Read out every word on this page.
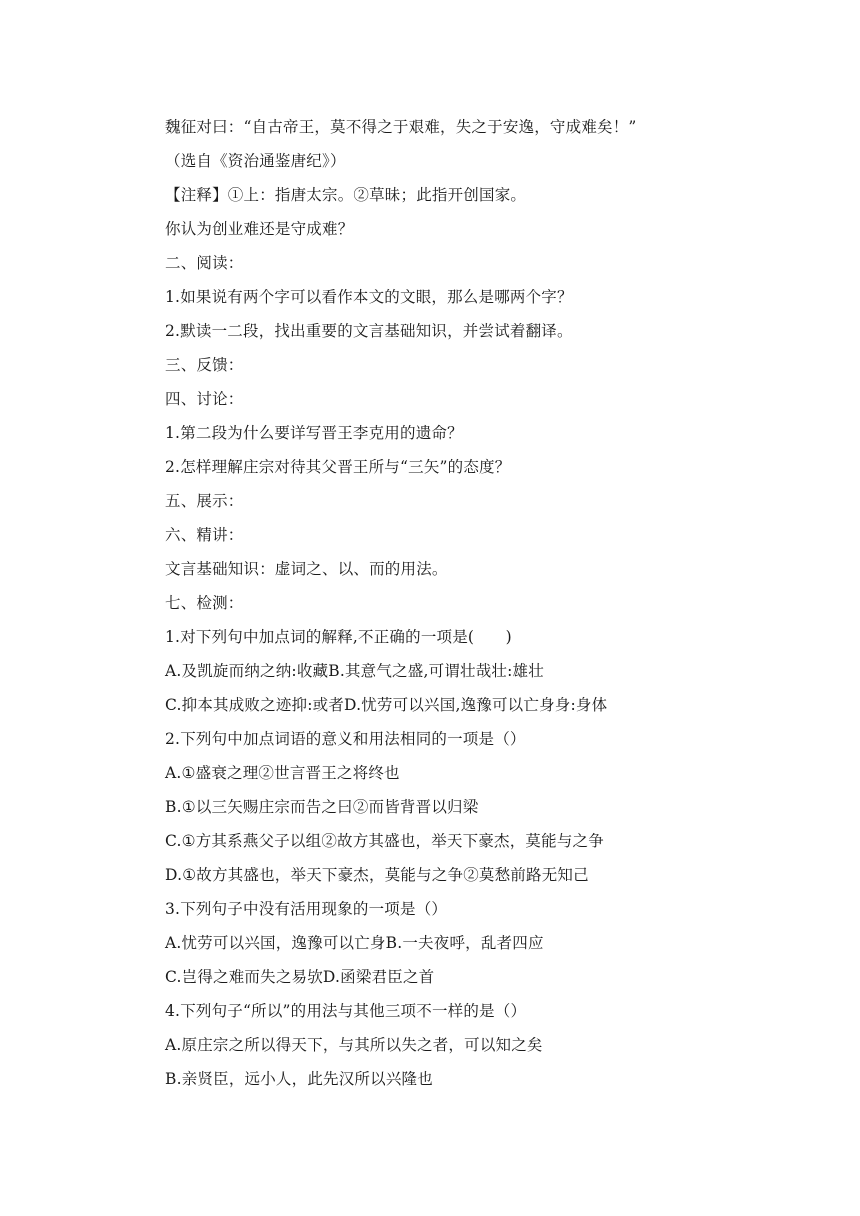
魏征对曰：“自古帝王，莫不得之于艰难，失之于安逸，守成难矣！”
（选自《资治通鉴唐纪》）
【注释】①上：指唐太宗。②草昧；此指开创国家。
你认为创业难还是守成难？
二、阅读：
1.如果说有两个字可以看作本文的文眼，那么是哪两个字？
2.默读一二段，找出重要的文言基础知识，并尝试着翻译。
三、反馈：
四、讨论：
1.第二段为什么要详写晋王李克用的遗命？
2.怎样理解庄宗对待其父晋王所与“三矢”的态度？
五、展示：
六、精讲：
文言基础知识：虚词之、以、而的用法。
七、检测：
1.对下列句中加点词的解释,不正确的一项是(　　)
A.及凯旋而纳之纳:收藏B.其意气之盛,可谓壮哉壮:雄壮
C.抑本其成败之迹抑:或者D.忧劳可以兴国,逸豫可以亡身身:身体
2.下列句中加点词语的意义和用法相同的一项是（）
A.①盛衰之理②世言晋王之将终也
B.①以三矢赐庄宗而告之曰②而皆背晋以归梁
C.①方其系燕父子以组②故方其盛也，举天下豪杰，莫能与之争
D.①故方其盛也，举天下豪杰，莫能与之争②莫愁前路无知己
3.下列句子中没有活用现象的一项是（）
A.忧劳可以兴国，逸豫可以亡身B.一夫夜呼，乱者四应
C.岂得之难而失之易欤D.函梁君臣之首
4.下列句子“所以”的用法与其他三项不一样的是（）
A.原庄宗之所以得天下，与其所以失之者，可以知之矣
B.亲贤臣，远小人，此先汉所以兴隆也
